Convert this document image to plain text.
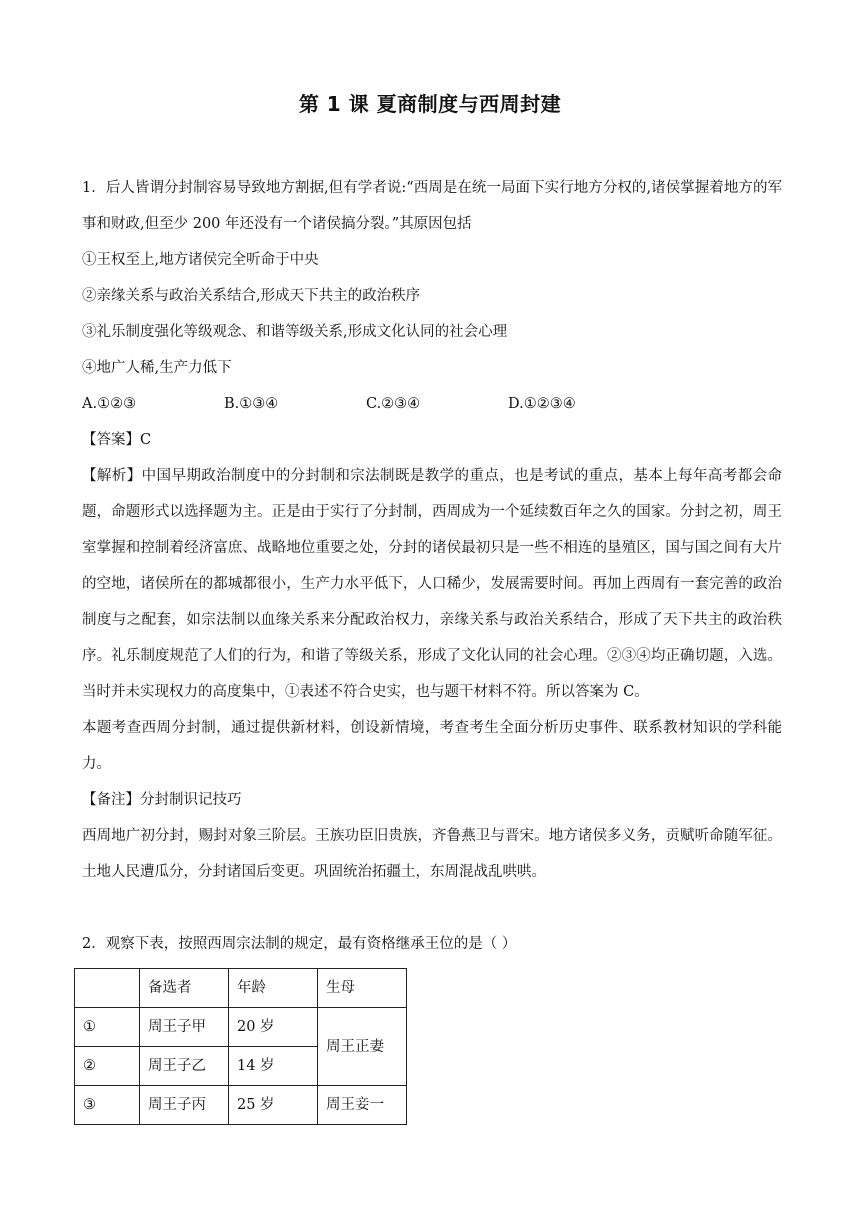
第 1 课 夏商制度与西周封建

1．后人皆谓分封制容易导致地方割据,但有学者说:“西周是在统一局面下实行地方分权的,诸侯掌握着地方的军事和财政,但至少 200 年还没有一个诸侯搞分裂。”其原因包括

①王权至上,地方诸侯完全听命于中央

②亲缘关系与政治关系结合,形成天下共主的政治秩序

③礼乐制度强化等级观念、和谐等级关系,形成文化认同的社会心理

④地广人稀,生产力低下

A.①②③	B.①③④	C.②③④	D.①②③④

【答案】C

【解析】中国早期政治制度中的分封制和宗法制既是教学的重点，也是考试的重点，基本上每年高考都会命题，命题形式以选择题为主。正是由于实行了分封制，西周成为一个延续数百年之久的国家。分封之初，周王室掌握和控制着经济富庶、战略地位重要之处，分封的诸侯最初只是一些不相连的垦殖区，国与国之间有大片的空地，诸侯所在的都城都很小，生产力水平低下，人口稀少，发展需要时间。再加上西周有一套完善的政治制度与之配套，如宗法制以血缘关系来分配政治权力，亲缘关系与政治关系结合，形成了天下共主的政治秩序。礼乐制度规范了人们的行为，和谐了等级关系，形成了文化认同的社会心理。②③④均正确切题，入选。当时并未实现权力的高度集中，①表述不符合史实，也与题干材料不符。所以答案为 C。

本题考查西周分封制，通过提供新材料，创设新情境，考查考生全面分析历史事件、联系教材知识的学科能力。

【备注】分封制识记技巧

西周地广初分封，赐封对象三阶层。王族功臣旧贵族，齐鲁燕卫与晋宋。地方诸侯多义务，贡赋听命随军征。土地人民遭瓜分，分封诸国后变更。巩固统治拓疆土，东周混战乱哄哄。

2．观察下表，按照西周宗法制的规定，最有资格继承王位的是（ ）

	备选者	年龄	生母
①	周王子甲	20 岁	周王正妻
②	周王子乙	14 岁	
③	周王子丙	25 岁	周王妾一
